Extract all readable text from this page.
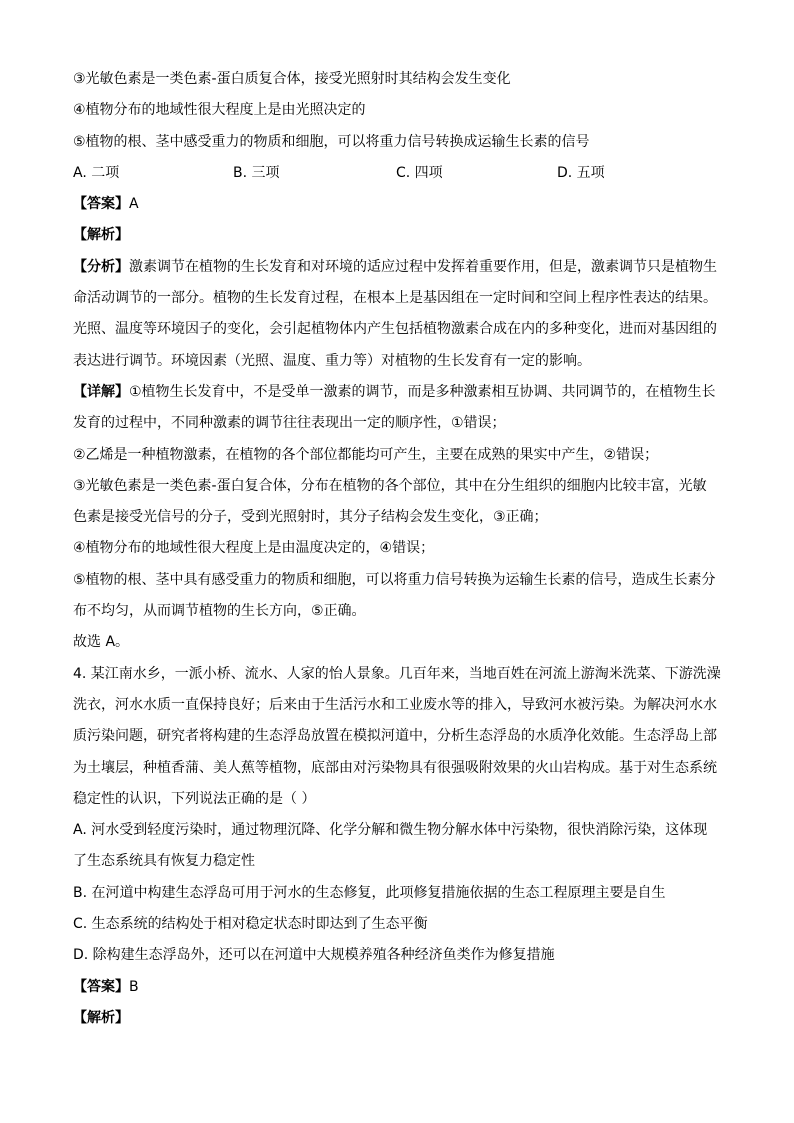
③光敏色素是一类色素-蛋白质复合体，接受光照射时其结构会发生变化
④植物分布的地域性很大程度上是由光照决定的
⑤植物的根、茎中感受重力的物质和细胞，可以将重力信号转换成运输生长素的信号
A. 二项	B. 三项	C. 四项	D. 五项
【答案】A
【解析】
【分析】激素调节在植物的生长发育和对环境的适应过程中发挥着重要作用，但是，激素调节只是植物生
命活动调节的一部分。植物的生长发育过程，在根本上是基因组在一定时间和空间上程序性表达的结果。
光照、温度等环境因子的变化，会引起植物体内产生包括植物激素合成在内的多种变化，进而对基因组的
表达进行调节。环境因素（光照、温度、重力等）对植物的生长发育有一定的影响。
【详解】①植物生长发育中，不是受单一激素的调节，而是多种激素相互协调、共同调节的，在植物生长
发育的过程中，不同种激素的调节往往表现出一定的顺序性，①错误；
②乙烯是一种植物激素，在植物的各个部位都能均可产生，主要在成熟的果实中产生，②错误；
③光敏色素是一类色素-蛋白复合体，分布在植物的各个部位，其中在分生组织的细胞内比较丰富，光敏
色素是接受光信号的分子，受到光照射时，其分子结构会发生变化，③正确；
④植物分布的地域性很大程度上是由温度决定的，④错误；
⑤植物的根、茎中具有感受重力的物质和细胞，可以将重力信号转换为运输生长素的信号，造成生长素分
布不均匀，从而调节植物的生长方向，⑤正确。
故选 A。
4. 某江南水乡，一派小桥、流水、人家的怡人景象。几百年来，当地百姓在河流上游淘米洗菜、下游洗澡
洗衣，河水水质一直保持良好；后来由于生活污水和工业废水等的排入，导致河水被污染。为解决河水水
质污染问题，研究者将构建的生态浮岛放置在模拟河道中，分析生态浮岛的水质净化效能。生态浮岛上部
为土壤层，种植香蒲、美人蕉等植物，底部由对污染物具有很强吸附效果的火山岩构成。基于对生态系统
稳定性的认识，下列说法正确的是（ ）
A. 河水受到轻度污染时，通过物理沉降、化学分解和微生物分解水体中污染物，很快消除污染，这体现
了生态系统具有恢复力稳定性
B. 在河道中构建生态浮岛可用于河水的生态修复，此项修复措施依据的生态工程原理主要是自生
C. 生态系统的结构处于相对稳定状态时即达到了生态平衡
D. 除构建生态浮岛外，还可以在河道中大规模养殖各种经济鱼类作为修复措施
【答案】B
【解析】
